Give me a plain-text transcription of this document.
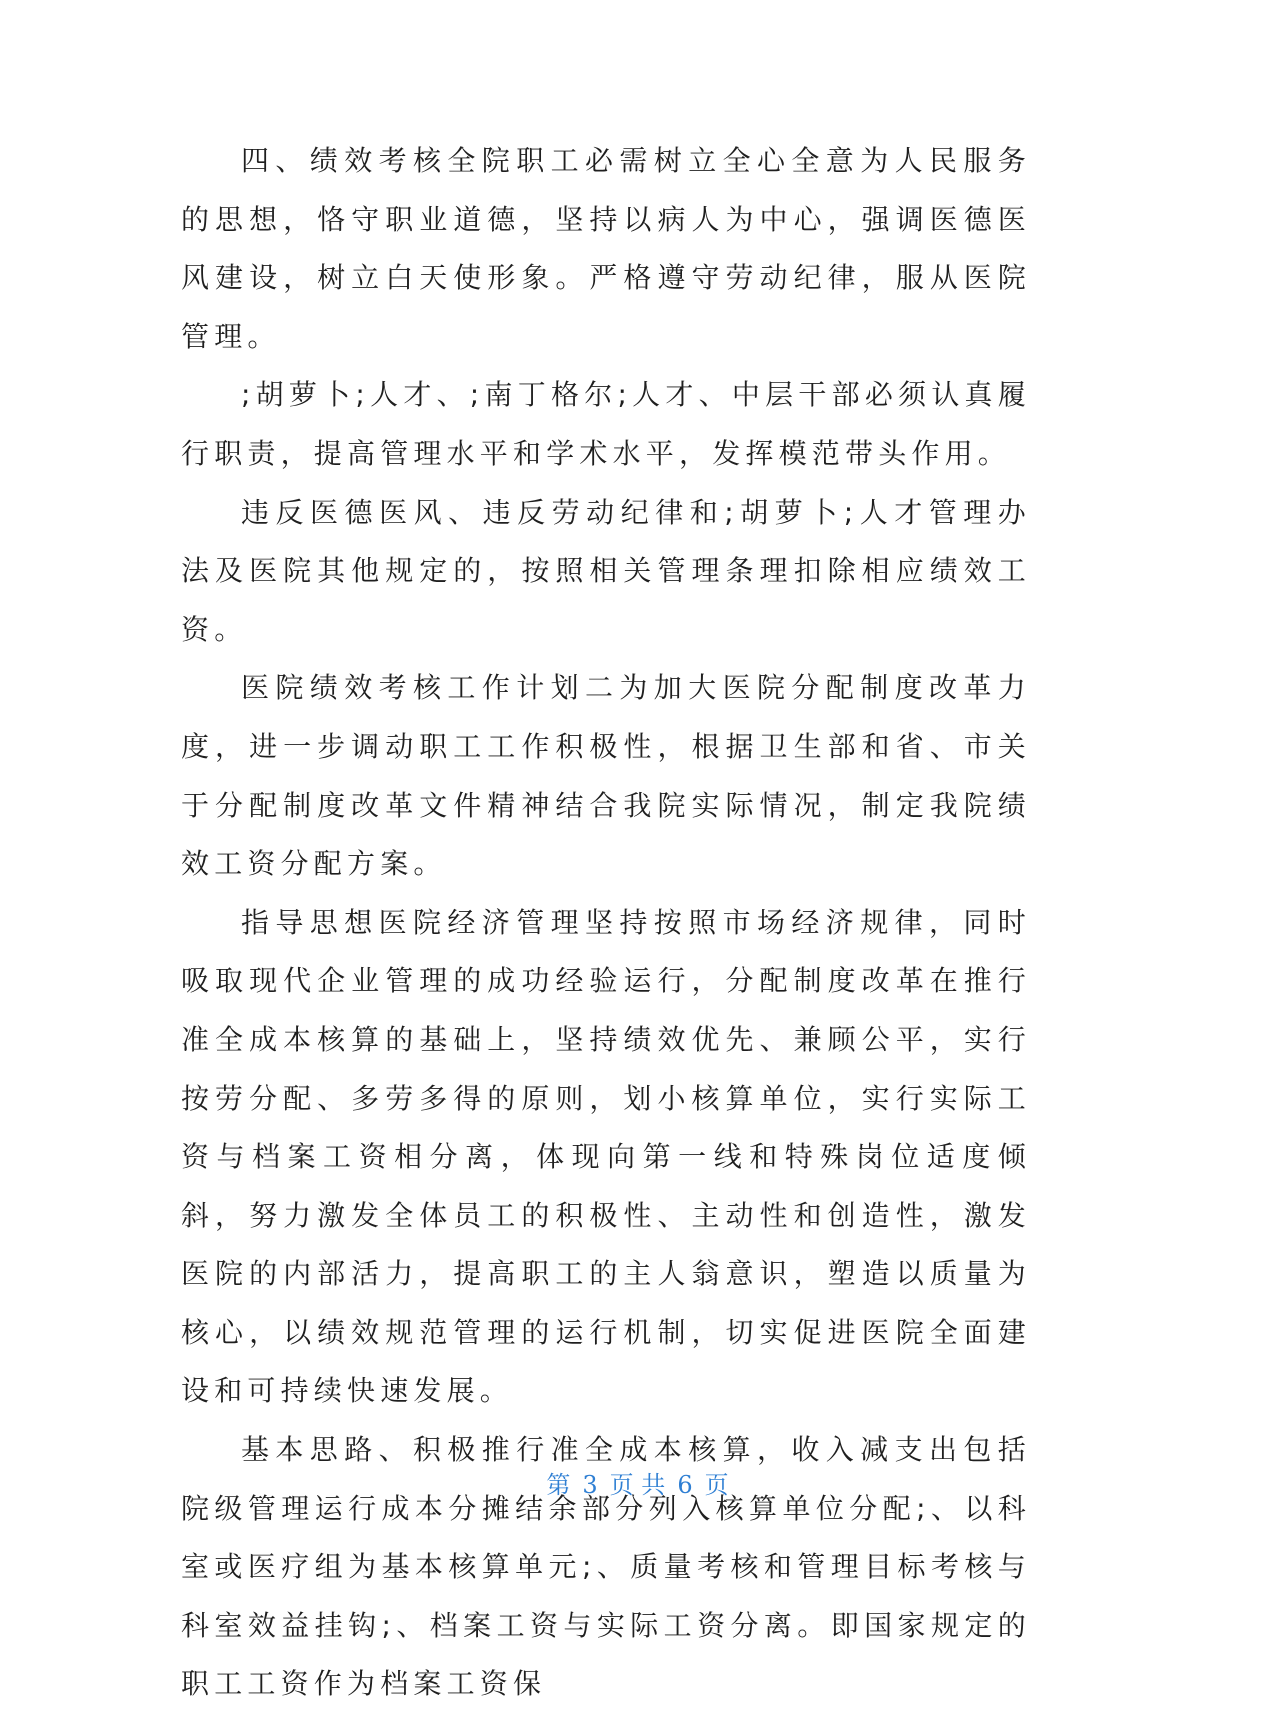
四、绩效考核全院职工必需树立全心全意为人民服务的思想，恪守职业道德，坚持以病人为中心，强调医德医风建设，树立白天使形象。严格遵守劳动纪律，服从医院管理。

;胡萝卜;人才、;南丁格尔;人才、中层干部必须认真履行职责，提高管理水平和学术水平，发挥模范带头作用。

违反医德医风、违反劳动纪律和;胡萝卜;人才管理办法及医院其他规定的，按照相关管理条理扣除相应绩效工资。

医院绩效考核工作计划二为加大医院分配制度改革力度，进一步调动职工工作积极性，根据卫生部和省、市关于分配制度改革文件精神结合我院实际情况，制定我院绩效工资分配方案。

指导思想医院经济管理坚持按照市场经济规律，同时吸取现代企业管理的成功经验运行，分配制度改革在推行准全成本核算的基础上，坚持绩效优先、兼顾公平，实行按劳分配、多劳多得的原则，划小核算单位，实行实际工资与档案工资相分离，体现向第一线和特殊岗位适度倾斜，努力激发全体员工的积极性、主动性和创造性，激发医院的内部活力，提高职工的主人翁意识，塑造以质量为核心，以绩效规范管理的运行机制，切实促进医院全面建设和可持续快速发展。

基本思路、积极推行准全成本核算，收入减支出包括院级管理运行成本分摊结余部分列入核算单位分配;、以科室或医疗组为基本核算单元;、质量考核和管理目标考核与科室效益挂钩;、档案工资与实际工资分离。即国家规定的职工工资作为档案工资保

第 3 页 共 6 页
